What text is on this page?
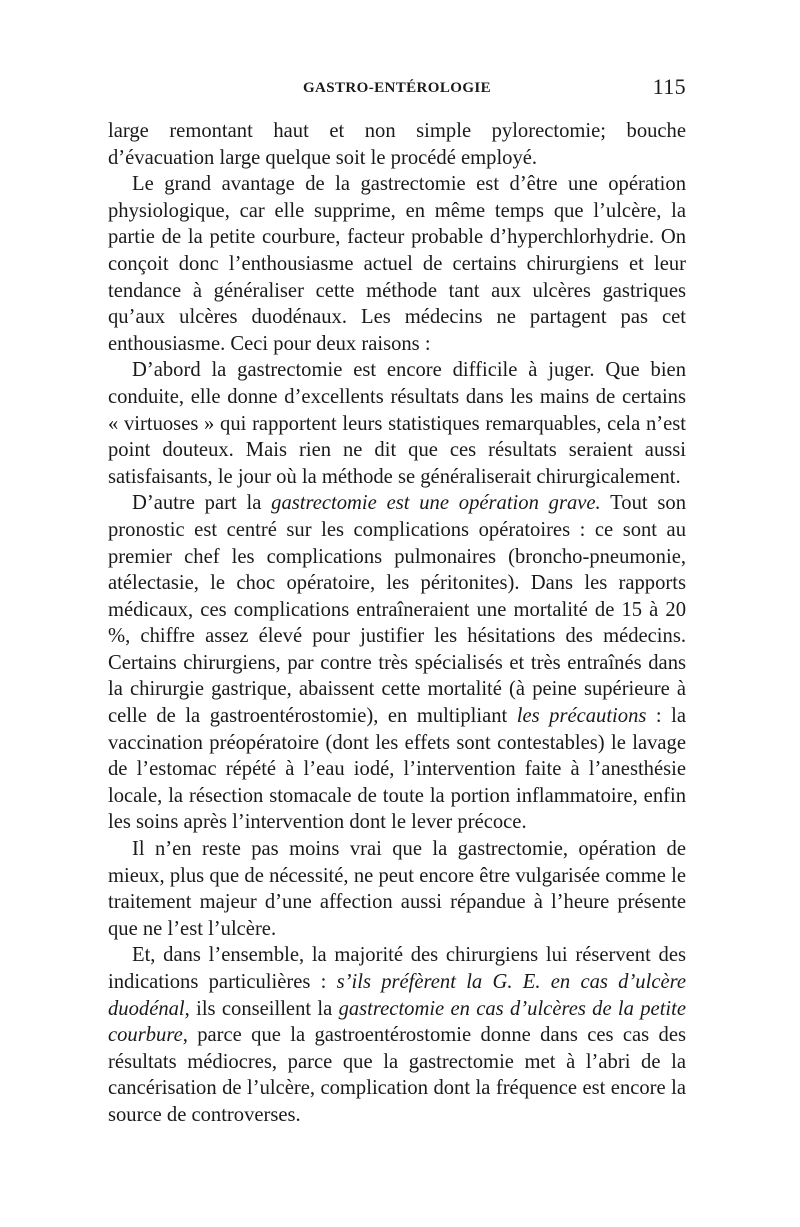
GASTRO-ENTÉROLOGIE	115

large remontant haut et non simple pylorectomie; bouche d’évacuation large quelque soit le procédé employé.

Le grand avantage de la gastrectomie est d’être une opération physiologique, car elle supprime, en même temps que l’ulcère, la partie de la petite courbure, facteur probable d’hyperchlorhydrie. On conçoit donc l’enthousiasme actuel de certains chirurgiens et leur tendance à généraliser cette méthode tant aux ulcères gastriques qu’aux ulcères duodénaux. Les médecins ne partagent pas cet enthousiasme. Ceci pour deux raisons :

D’abord la gastrectomie est encore difficile à juger. Que bien conduite, elle donne d’excellents résultats dans les mains de certains « virtuoses » qui rapportent leurs statistiques remarquables, cela n’est point douteux. Mais rien ne dit que ces résultats seraient aussi satisfaisants, le jour où la méthode se généraliserait chirurgicalement.

D’autre part la gastrectomie est une opération grave. Tout son pronostic est centré sur les complications opératoires : ce sont au premier chef les complications pulmonaires (broncho-pneumonie, atélectasie, le choc opératoire, les péritonites). Dans les rapports médicaux, ces complications entraîneraient une mortalité de 15 à 20 %, chiffre assez élevé pour justifier les hésitations des médecins. Certains chirurgiens, par contre très spécialisés et très entraînés dans la chirurgie gastrique, abaissent cette mortalité (à peine supérieure à celle de la gastroentérostomie), en multipliant les précautions : la vaccination préopératoire (dont les effets sont contestables) le lavage de l’estomac répété à l’eau iodé, l’intervention faite à l’anesthésie locale, la résection stomacale de toute la portion inflammatoire, enfin les soins après l’intervention dont le lever précoce.

Il n’en reste pas moins vrai que la gastrectomie, opération de mieux, plus que de nécessité, ne peut encore être vulgarisée comme le traitement majeur d’une affection aussi répandue à l’heure présente que ne l’est l’ulcère.

Et, dans l’ensemble, la majorité des chirurgiens lui réservent des indications particulières : s’ils préfèrent la G. E. en cas d’ulcère duodénal, ils conseillent la gastrectomie en cas d’ulcères de la petite courbure, parce que la gastroentérostomie donne dans ces cas des résultats médiocres, parce que la gastrectomie met à l’abri de la cancérisation de l’ulcère, complication dont la fréquence est encore la source de controverses.
